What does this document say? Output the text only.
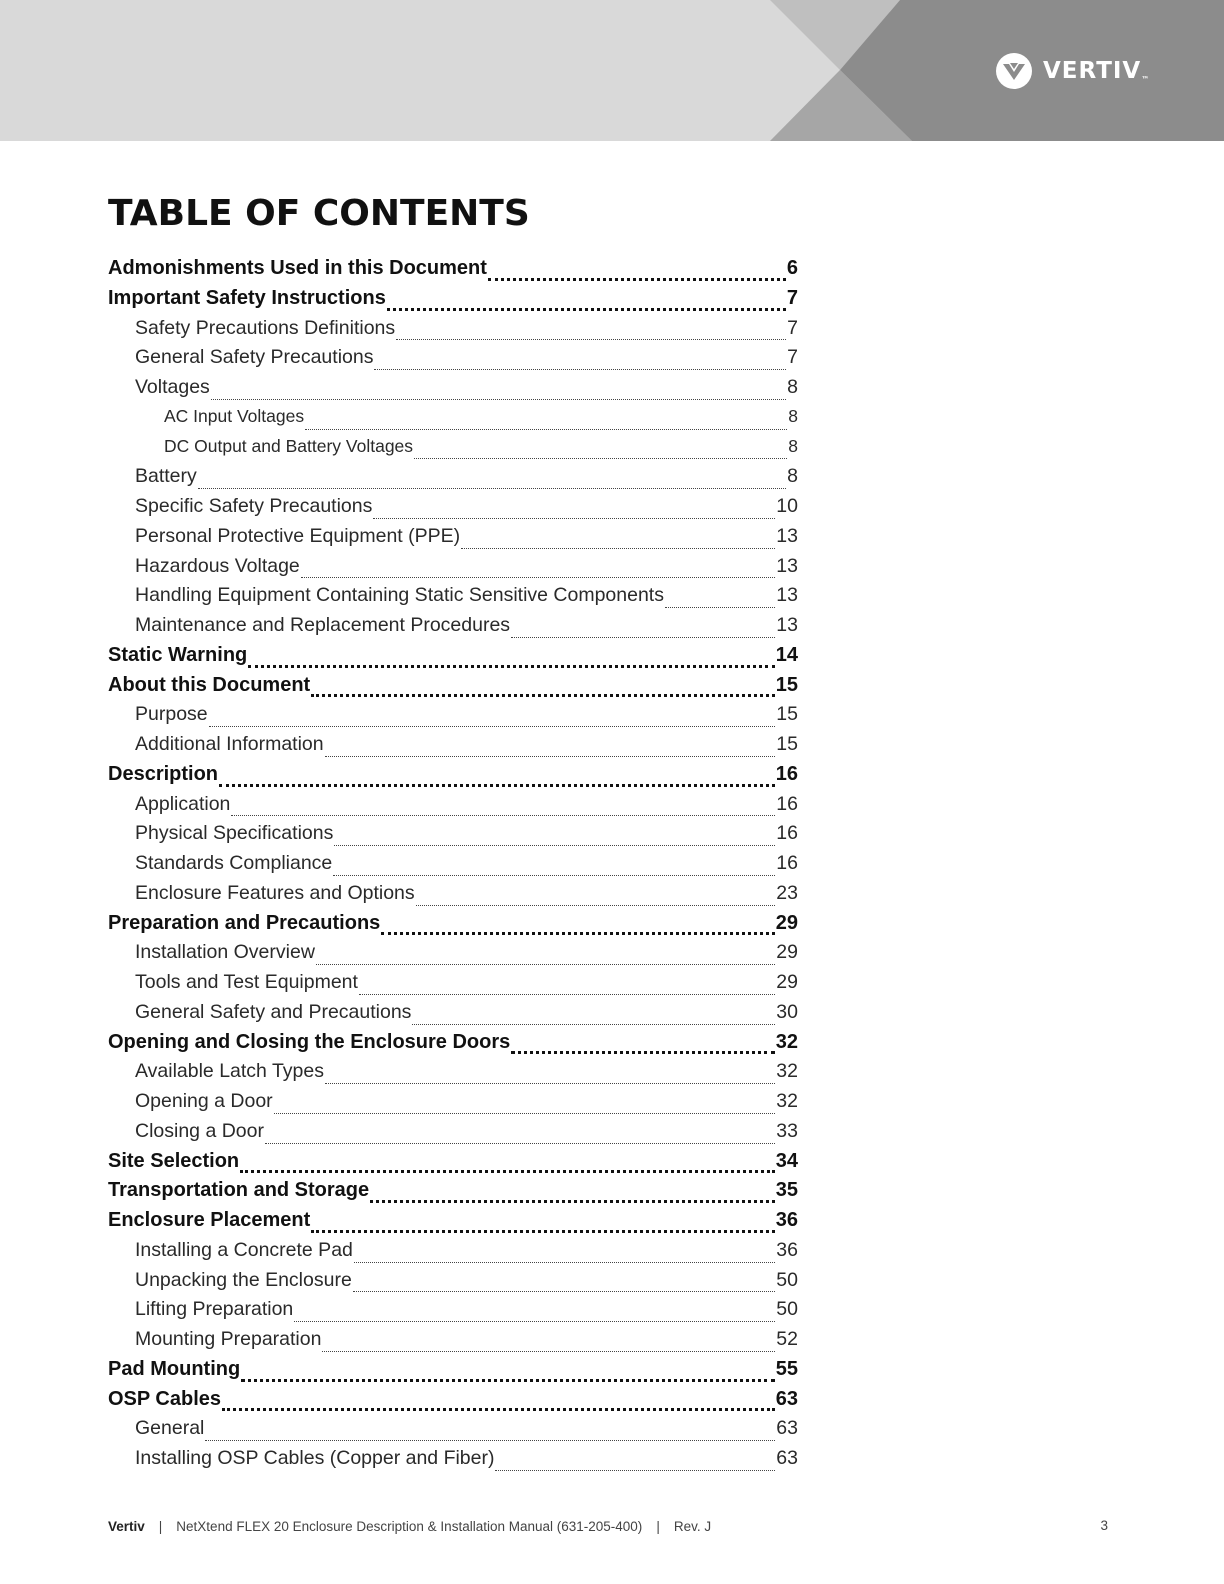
VERTIV™
TABLE OF CONTENTS
Admonishments Used in this Document	6
Important Safety Instructions	7
Safety Precautions Definitions	7
General Safety Precautions	7
Voltages	8
AC Input Voltages	8
DC Output and Battery Voltages	8
Battery	8
Specific Safety Precautions	10
Personal Protective Equipment (PPE)	13
Hazardous Voltage	13
Handling Equipment Containing Static Sensitive Components	13
Maintenance and Replacement Procedures	13
Static Warning	14
About this Document	15
Purpose	15
Additional Information	15
Description	16
Application	16
Physical Specifications	16
Standards Compliance	16
Enclosure Features and Options	23
Preparation and Precautions	29
Installation Overview	29
Tools and Test Equipment	29
General Safety and Precautions	30
Opening and Closing the Enclosure Doors	32
Available Latch Types	32
Opening a Door	32
Closing a Door	33
Site Selection	34
Transportation and Storage	35
Enclosure Placement	36
Installing a Concrete Pad	36
Unpacking the Enclosure	50
Lifting Preparation	50
Mounting Preparation	52
Pad Mounting	55
OSP Cables	63
General	63
Installing OSP Cables (Copper and Fiber)	63
Vertiv | NetXtend FLEX 20 Enclosure Description & Installation Manual (631-205-400) | Rev. J	3
